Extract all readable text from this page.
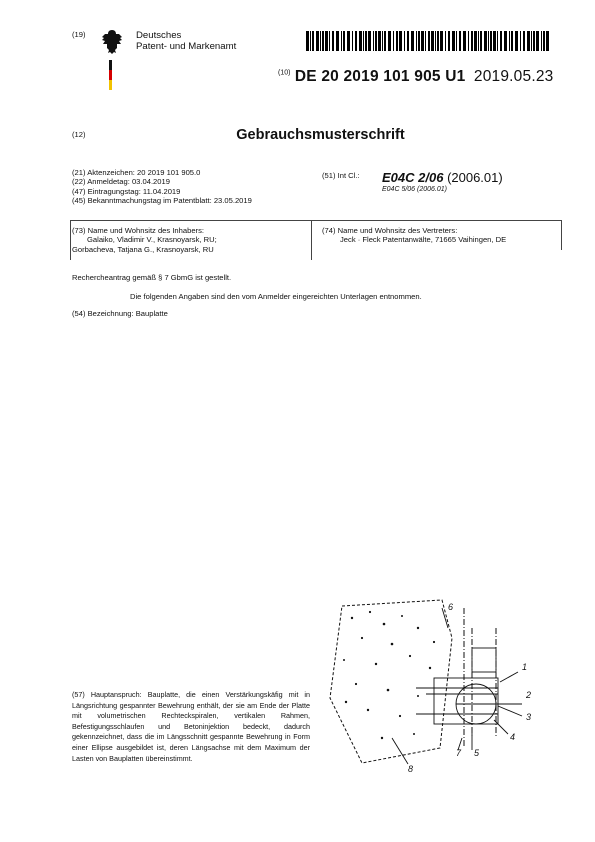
(19)	Deutsches
Patent- und Markenamt
$^{(10)}$ DE 20 2019 101 905 U1 2019.05.23
(12)	Gebrauchsmusterschrift
(21) Aktenzeichen: 20 2019 101 905.0
(22) Anmeldetag: 03.04.2019
(47) Eintragungstag: 11.04.2019
(45) Bekanntmachungstag im Patentblatt: 23.05.2019
(51) Int Cl.: E04C 2/06 (2006.01)
E04C 5/06 (2006.01)
(73) Name und Wohnsitz des Inhabers:
Galaiko, Vladimir V., Krasnoyarsk, RU;
Gorbacheva, Tatjana G., Krasnoyarsk, RU
(74) Name und Wohnsitz des Vertreters:
Jeck · Fleck Patentanwälte, 71665 Vaihingen, DE
Rechercheantrag gemäß § 7 GbmG ist gestellt.
Die folgenden Angaben sind den vom Anmelder eingereichten Unterlagen entnommen.
(54) Bezeichnung: Bauplatte
(57) Hauptanspruch: Bauplatte, die einen Verstärkungskäfig mit in Längsrichtung gespannter Bewehrung enthält, der sie am Ende der Platte mit volumetrischen Rechteckspiralen, vertikalen Rahmen, Befestigungsschlaufen und Betoninjektion bedeckt, dadurch gekennzeichnet, dass die im Längsschnitt gespannte Bewehrung in Form einer Ellipse ausgebildet ist, deren Längsachse mit dem Maximum der Lasten von Bauplatten übereinstimmt.
1
2
3
4
5
6
7
8
